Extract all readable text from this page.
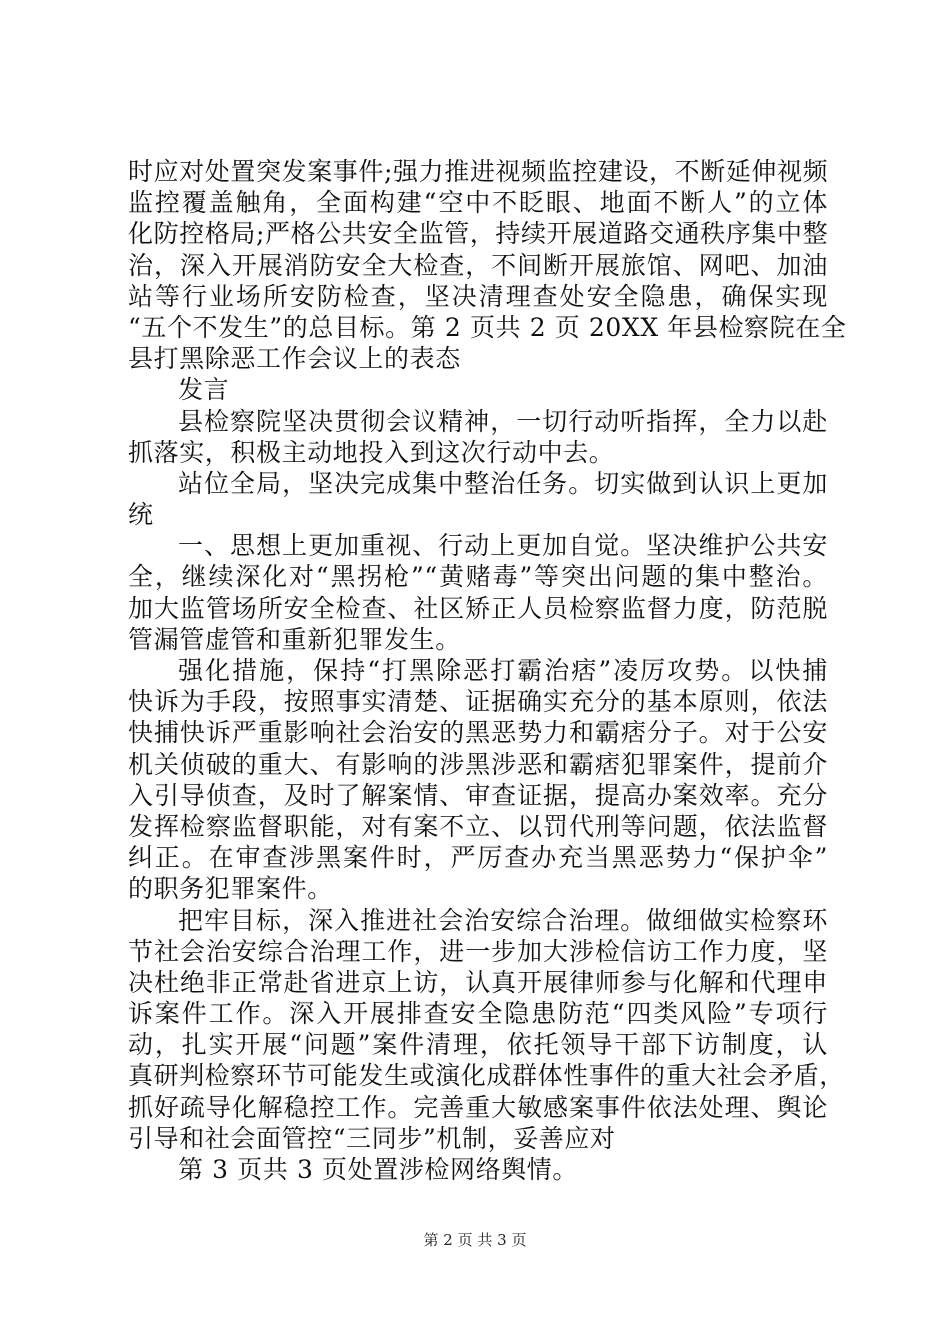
时应对处置突发案事件;强力推进视频监控建设，不断延伸视频
监控覆盖触角，全面构建“空中不眨眼、地面不断人”的立体
化防控格局;严格公共安全监管，持续开展道路交通秩序集中整
治，深入开展消防安全大检查，不间断开展旅馆、网吧、加油
站等行业场所安防检查，坚决清理查处安全隐患，确保实现
“五个不发生”的总目标。第 2 页共 2 页 20XX 年县检察院在全
县打黑除恶工作会议上的表态
发言
县检察院坚决贯彻会议精神，一切行动听指挥，全力以赴
抓落实，积极主动地投入到这次行动中去。
站位全局，坚决完成集中整治任务。切实做到认识上更加
统
一、思想上更加重视、行动上更加自觉。坚决维护公共安
全，继续深化对“黑拐枪”“黄赌毒”等突出问题的集中整治。
加大监管场所安全检查、社区矫正人员检察监督力度，防范脱
管漏管虚管和重新犯罪发生。
强化措施，保持“打黑除恶打霸治痞”凌厉攻势。以快捕
快诉为手段，按照事实清楚、证据确实充分的基本原则，依法
快捕快诉严重影响社会治安的黑恶势力和霸痞分子。对于公安
机关侦破的重大、有影响的涉黑涉恶和霸痞犯罪案件，提前介
入引导侦查，及时了解案情、审查证据，提高办案效率。充分
发挥检察监督职能，对有案不立、以罚代刑等问题，依法监督
纠正。在审查涉黑案件时，严厉查办充当黑恶势力“保护伞”
的职务犯罪案件。
把牢目标，深入推进社会治安综合治理。做细做实检察环
节社会治安综合治理工作，进一步加大涉检信访工作力度，坚
决杜绝非正常赴省进京上访，认真开展律师参与化解和代理申
诉案件工作。深入开展排查安全隐患防范“四类风险”专项行
动，扎实开展“问题”案件清理，依托领导干部下访制度，认
真研判检察环节可能发生或演化成群体性事件的重大社会矛盾，
抓好疏导化解稳控工作。完善重大敏感案事件依法处理、舆论
引导和社会面管控“三同步”机制，妥善应对
第 3 页共 3 页处置涉检网络舆情。
第 2 页 共 3 页
